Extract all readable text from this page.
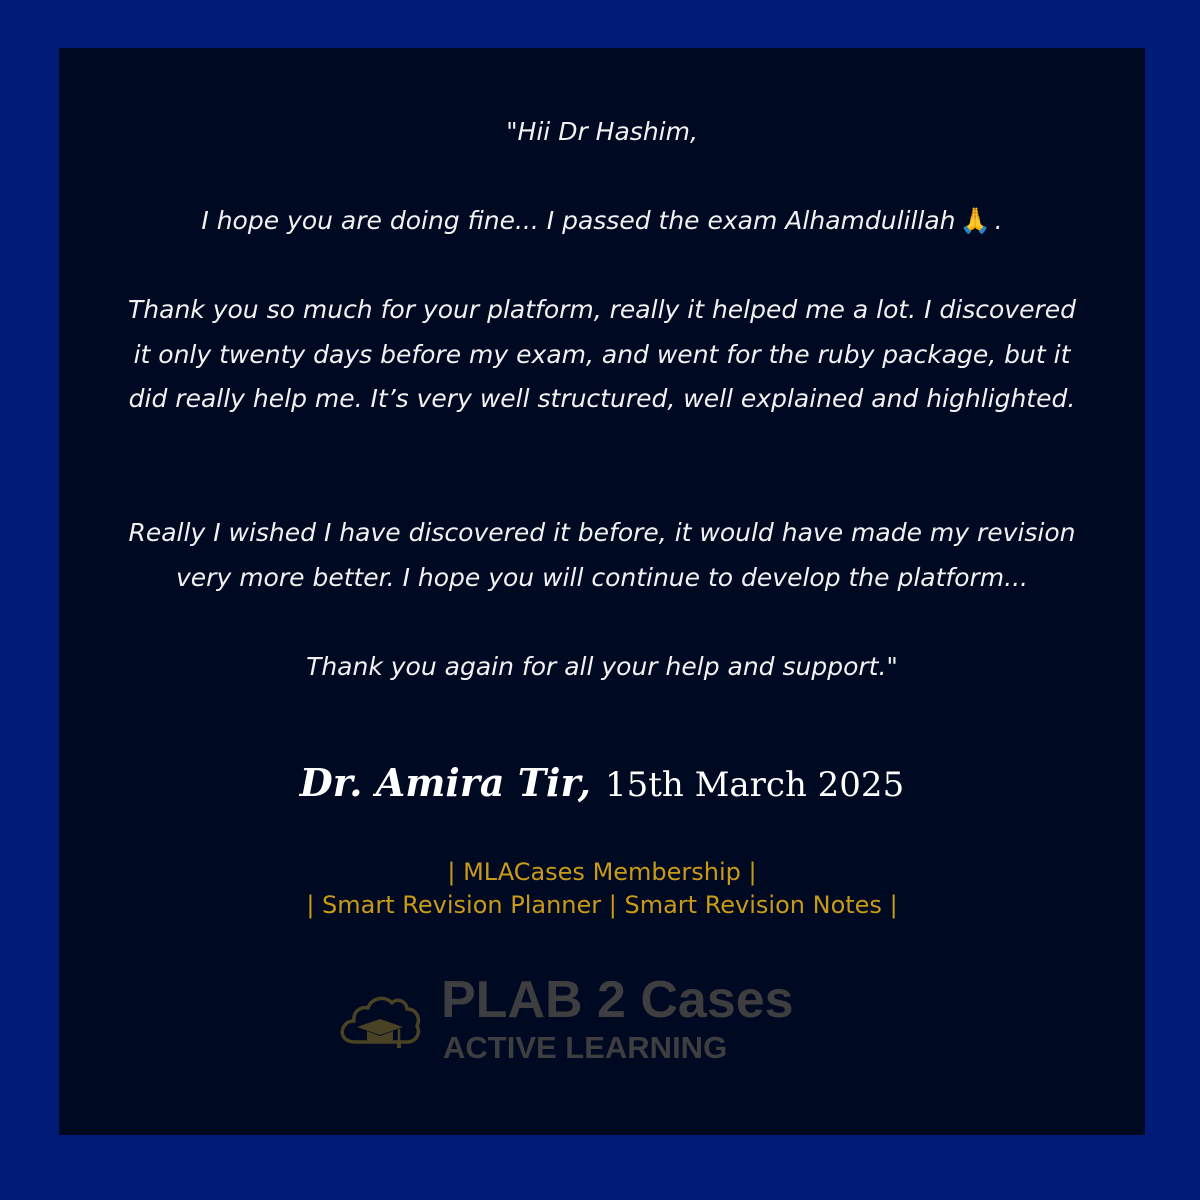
"Hii Dr Hashim,

I hope you are doing fine... I passed the exam Alhamdulillah 🙏 .

Thank you so much for your platform, really it helped me a lot. I discovered it only twenty days before my exam, and went for the ruby package, but it did really help me. It’s very well structured, well explained and highlighted.

Really I wished I have discovered it before, it would have made my revision very more better. I hope you will continue to develop the platform...

Thank you again for all your help and support."

Dr. Amira Tir, 15th March 2025
| MLACases Membership |
| Smart Revision Planner | Smart Revision Notes |
PLAB 2 Cases
ACTIVE LEARNING
